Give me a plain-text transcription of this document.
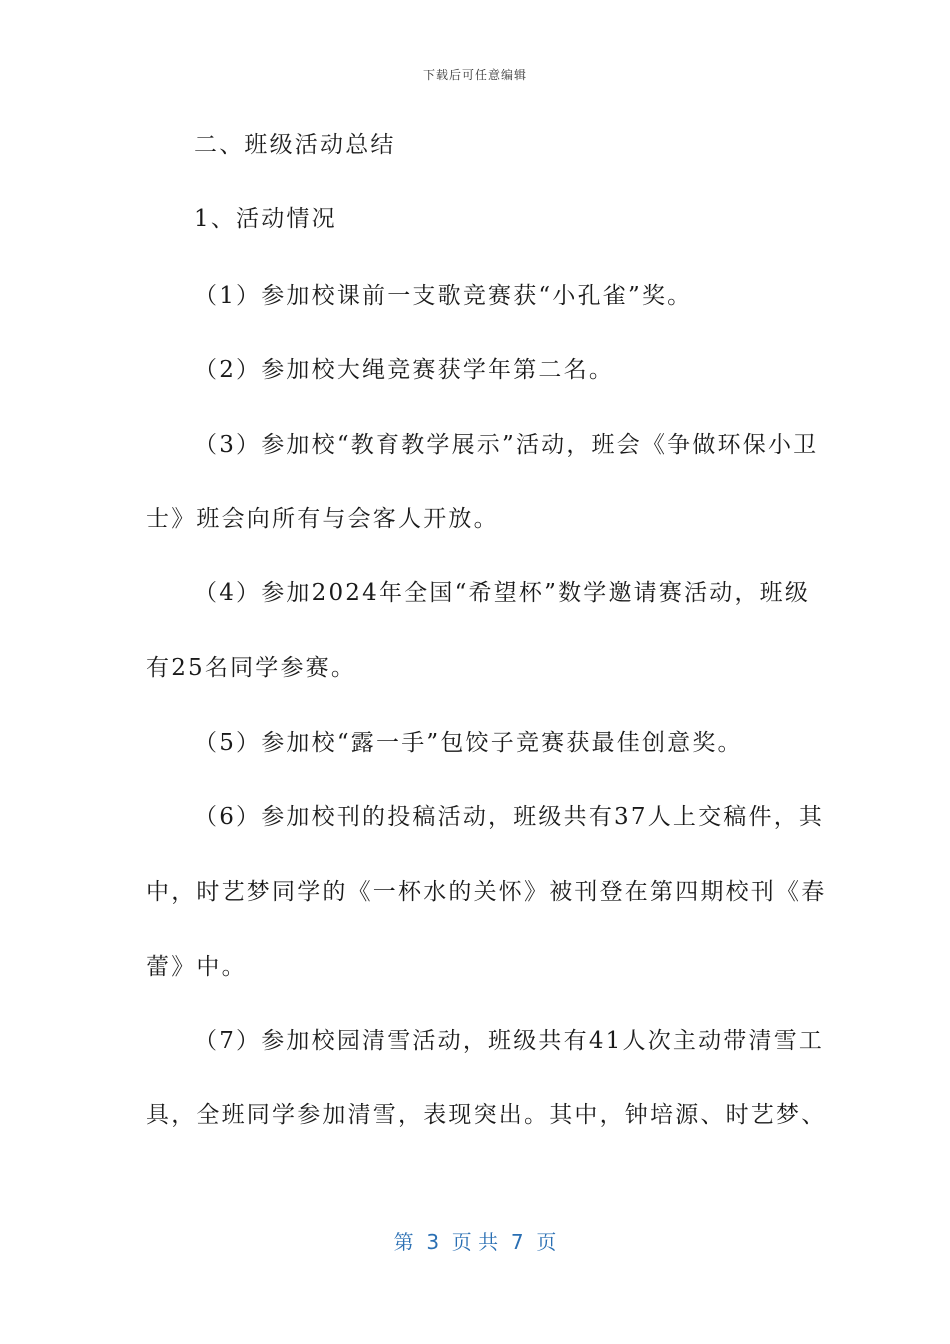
下载后可任意编辑
二、班级活动总结
1、活动情况
（1）参加校课前一支歌竞赛获“小孔雀”奖。
（2）参加校大绳竞赛获学年第二名。
（3）参加校“教育教学展示”活动，班会《争做环保小卫
士》班会向所有与会客人开放。
（4）参加2024年全国“希望杯”数学邀请赛活动，班级
有25名同学参赛。
（5）参加校“露一手”包饺子竞赛获最佳创意奖。
（6）参加校刊的投稿活动，班级共有37人上交稿件，其
中，时艺梦同学的《一杯水的关怀》被刊登在第四期校刊《春
蕾》中。
（7）参加校园清雪活动，班级共有41人次主动带清雪工
具，全班同学参加清雪，表现突出。其中，钟培源、时艺梦、
第  3  页 共  7  页
